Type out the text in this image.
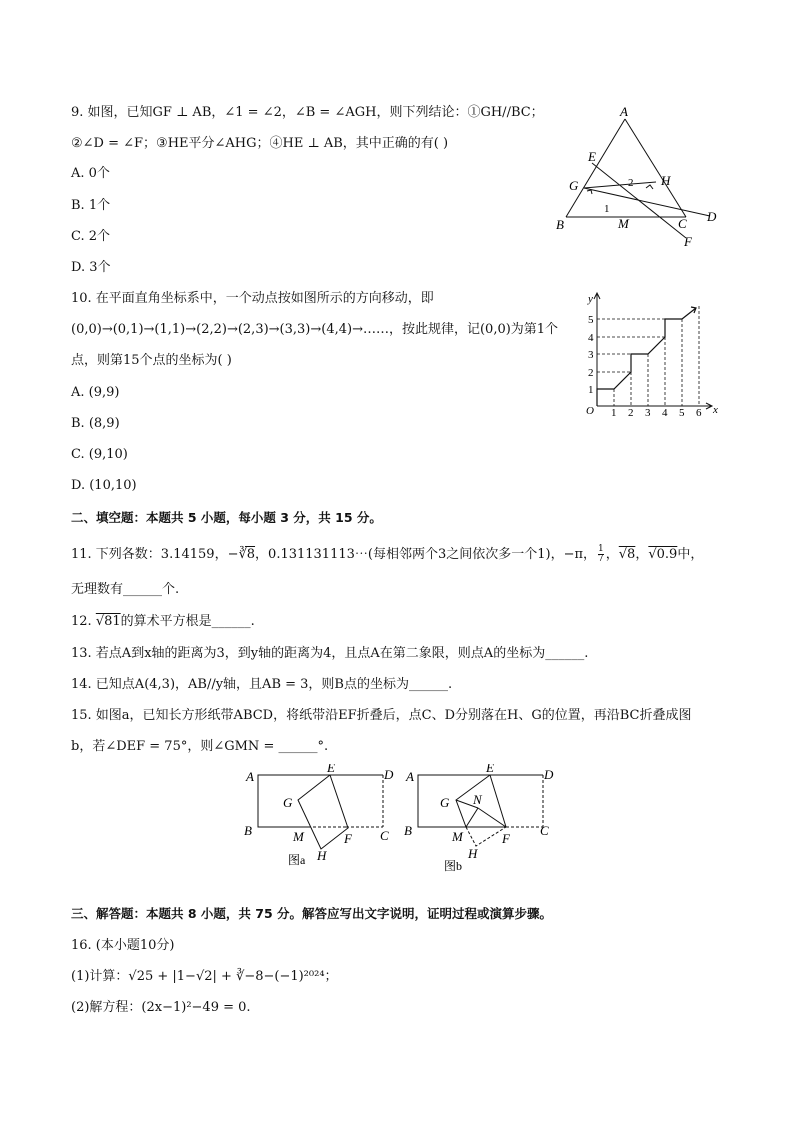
9. 如图，已知GF ⊥ AB，∠1 = ∠2，∠B = ∠AGH，则下列结论：①GH//BC；
②∠D = ∠F；③HE平分∠AHG；④HE ⊥ AB，其中正确的有( )
A. 0个
B. 1个
C. 2个
D. 3个
A
E
G	H
B	M	C D
F
1
2
10. 在平面直角坐标系中，一个动点按如图所示的方向移动，即
(0,0)→(0,1)→(1,1)→(2,2)→(2,3)→(3,3)→(4,4)→……，按此规律，记(0,0)为第1个
点，则第15个点的坐标为( )
A. (9,9)
B. (8,9)
C. (9,10)
D. (10,10)
y
x
O 1 2 3 4 5 6
1
2
3
4
5
二、填空题：本题共 5 小题，每小题 3 分，共 15 分。
11. 下列各数：3.14159，−∛8，0.131131113⋯(每相邻两个3之间依次多一个1)，−π， $\frac{1}{7}$ ，√8，√0.9中，
无理数有______个.
12. √81的算术平方根是______.
13. 若点A到x轴的距离为3，到y轴的距离为4，且点A在第二象限，则点A的坐标为______.
14. 已知点A(4,3)，AB//y轴，且AB = 3，则B点的坐标为______.
15. 如图a，已知长方形纸带ABCD，将纸带沿EF折叠后，点C、D分别落在H、G的位置，再沿BC折叠成图
b，若∠DEF = 75°，则∠GMN = ______°.
A
E	D
G
B	M	F C
H
图a
A
E	D
G N
B	M	F
C
H
图b
三、解答题：本题共 8 小题，共 75 分。解答应写出文字说明，证明过程或演算步骤。
16. (本小题10分)
(1)计算：√25 + |1−√2| + ∛−8−(−1)²⁰²⁴；
(2)解方程：(2x−1)²−49 = 0.
